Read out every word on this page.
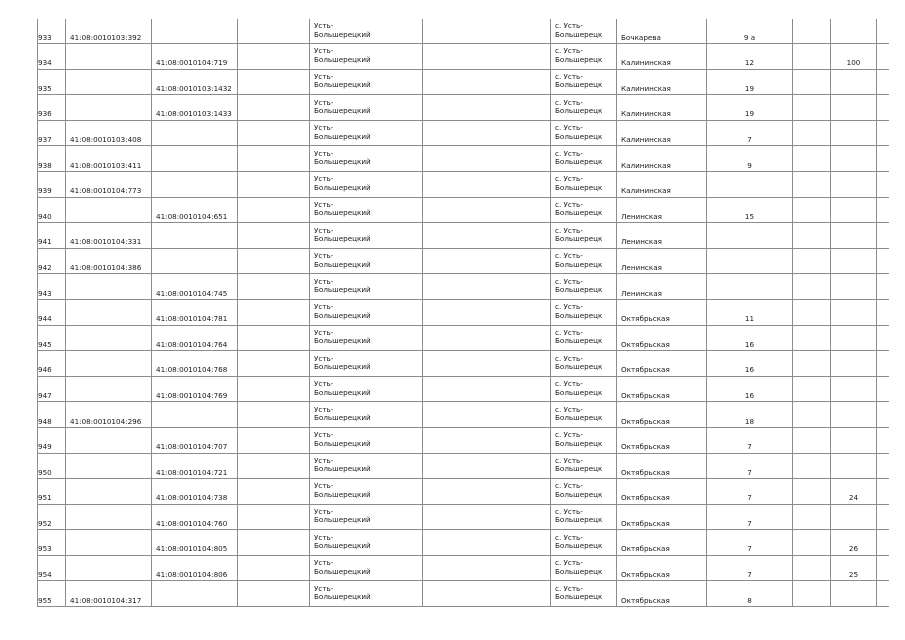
933	41:08:0010103:392			Усть-
Большерецкий		с. Усть-
Большерецк	Бочкарева	9 а			

934		41:08:0010104:719		Усть-
Большерецкий		с. Усть-
Большерецк	Калининская	12		100	

935		41:08:0010103:1432		Усть-
Большерецкий		с. Усть-
Большерецк	Калининская	19			

936		41:08:0010103:1433		Усть-
Большерецкий		с. Усть-
Большерецк	Калининская	19			

937	41:08:0010103:408			Усть-
Большерецкий		с. Усть-
Большерецк	Калининская	7			

938	41:08:0010103:411			Усть-
Большерецкий		с. Усть-
Большерецк	Калининская	9			

939	41:08:0010104:773			Усть-
Большерецкий		с. Усть-
Большерецк	Калининская				

940		41:08:0010104:651		Усть-
Большерецкий		с. Усть-
Большерецк	Ленинская	15			

941	41:08:0010104:331			Усть-
Большерецкий		с. Усть-
Большерецк	Ленинская				

942	41:08:0010104:386			Усть-
Большерецкий		с. Усть-
Большерецк	Ленинская				

943		41:08:0010104:745		Усть-
Большерецкий		с. Усть-
Большерецк	Ленинская				

944		41:08:0010104:781		Усть-
Большерецкий		с. Усть-
Большерецк	Октябрьская	11			

945		41:08:0010104:764		Усть-
Большерецкий		с. Усть-
Большерецк	Октябрьская	16			

946		41:08:0010104:768		Усть-
Большерецкий		с. Усть-
Большерецк	Октябрьская	16			

947		41:08:0010104:769		Усть-
Большерецкий		с. Усть-
Большерецк	Октябрьская	16			

948	41:08:0010104:296			Усть-
Большерецкий		с. Усть-
Большерецк	Октябрьская	18			

949		41:08:0010104:707		Усть-
Большерецкий		с. Усть-
Большерецк	Октябрьская	7			

950		41:08:0010104:721		Усть-
Большерецкий		с. Усть-
Большерецк	Октябрьская	7			

951		41:08:0010104:738		Усть-
Большерецкий		с. Усть-
Большерецк	Октябрьская	7		24	

952		41:08:0010104:760		Усть-
Большерецкий		с. Усть-
Большерецк	Октябрьская	7			

953		41:08:0010104:805		Усть-
Большерецкий		с. Усть-
Большерецк	Октябрьская	7		26	

954		41:08:0010104:806		Усть-
Большерецкий		с. Усть-
Большерецк	Октябрьская	7		25	

955	41:08:0010104:317			Усть-
Большерецкий		с. Усть-
Большерецк	Октябрьская	8			
